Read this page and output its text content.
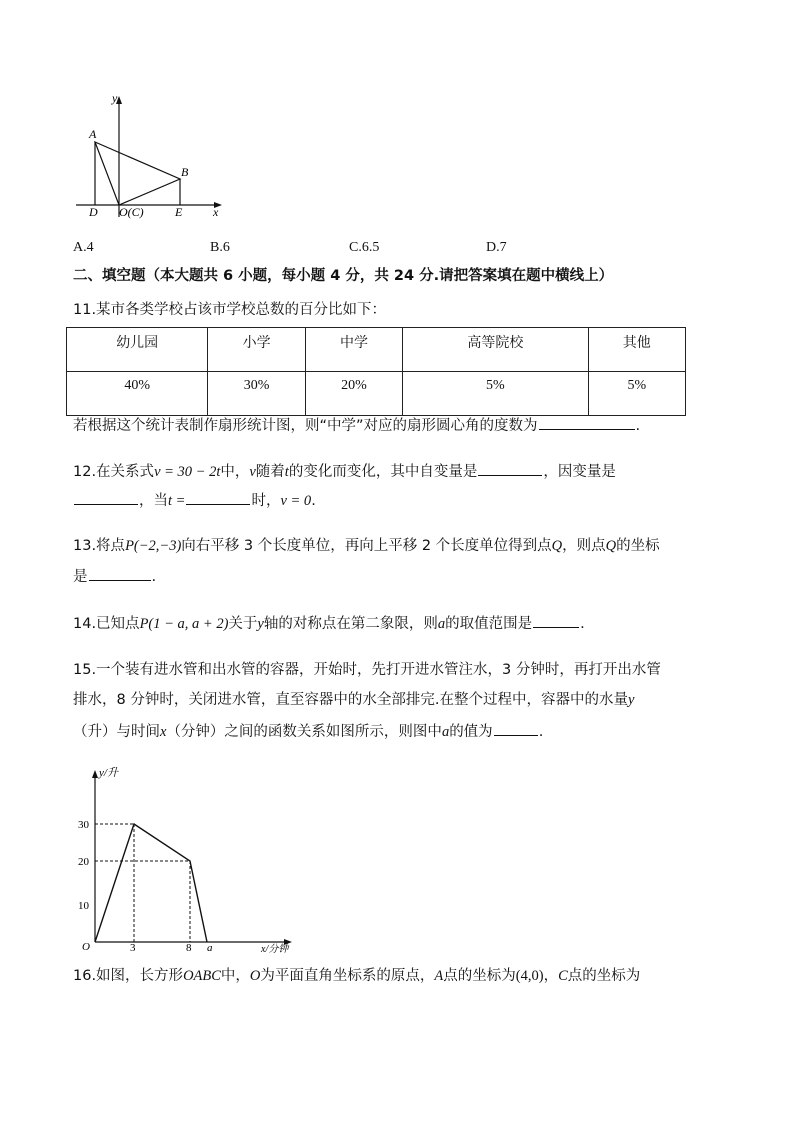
y
A
B
D O(C)	E	x
A.4	B.6	C.6.5	D.7
二、填空题（本大题共 6 小题，每小题 4 分，共 24 分.请把答案填在题中横线上）
11.某市各类学校占该市学校总数的百分比如下：
幼儿园	小学	中学	高等院校	其他
40%	30%	20%	5%	5%
若根据这个统计表制作扇形统计图，则“中学”对应的扇形圆心角的度数为	.
12.在关系式v = 30 − 2t中，v随着t的变化而变化，其中自变量是	，因变量是
，当t =	时，v = 0.
13.将点P(−2,−3)向右平移 3 个长度单位，再向上平移 2 个长度单位得到点Q，则点Q的坐标
是	.
14.已知点P(1 − a, a + 2)关于y轴的对称点在第二象限，则a的取值范围是	.
15.一个装有进水管和出水管的容器，开始时，先打开进水管注水，3 分钟时，再打开出水管
排水，8 分钟时，关闭进水管，直至容器中的水全部排完.在整个过程中，容器中的水量y
（升）与时间x（分钟）之间的函数关系如图所示，则图中a的值为	.
y/升
30
20
10
O	3	8 a	x/分钟
16.如图，长方形OABC中，O为平面直角坐标系的原点，A点的坐标为(4,0)，C点的坐标为
